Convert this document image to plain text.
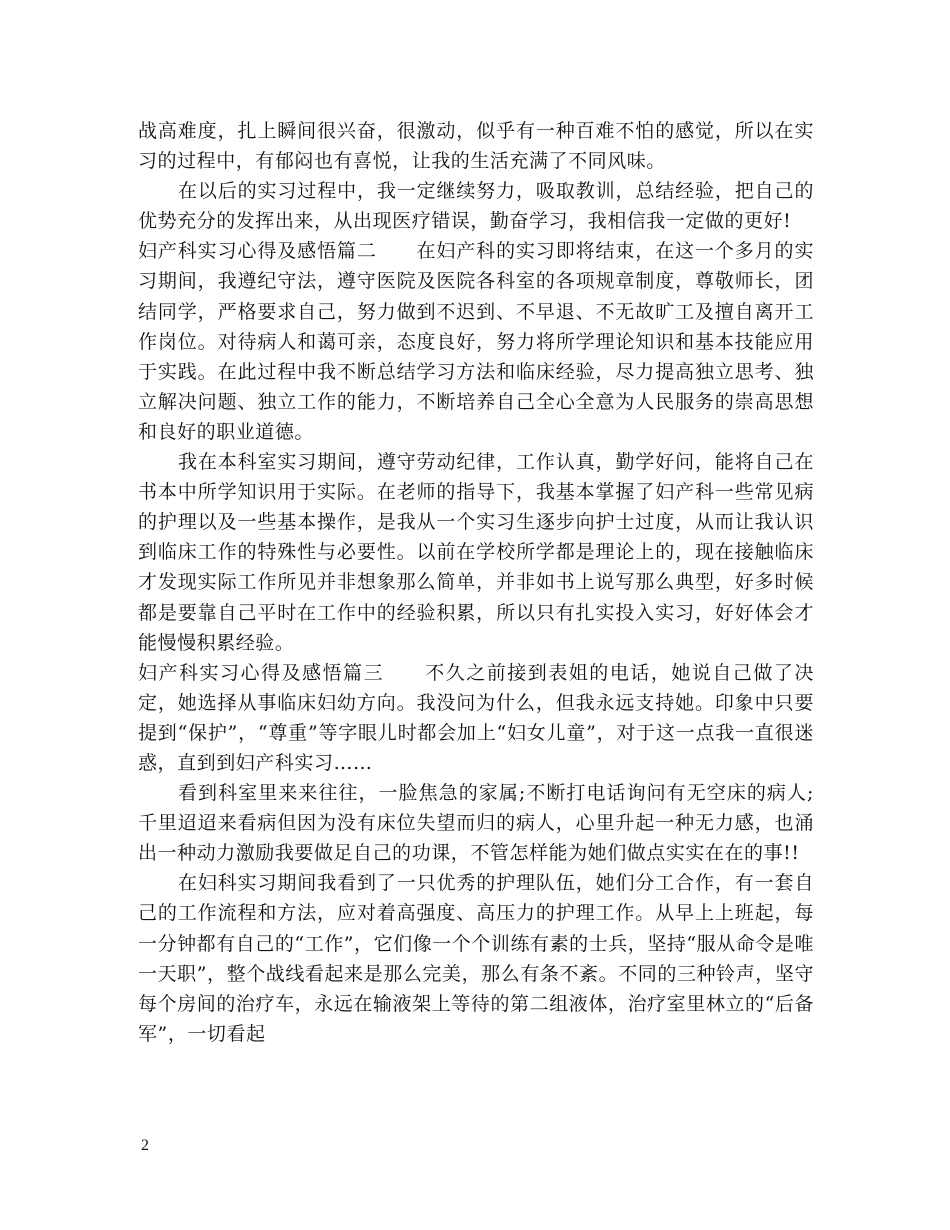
战高难度，扎上瞬间很兴奋，很激动，似乎有一种百难不怕的感觉，所以在实习的过程中，有郁闷也有喜悦，让我的生活充满了不同风味。

在以后的实习过程中，我一定继续努力，吸取教训，总结经验，把自己的优势充分的发挥出来，从出现医疗错误，勤奋学习，我相信我一定做的更好!

妇产科实习心得及感悟篇二　　在妇产科的实习即将结束，在这一个多月的实习期间，我遵纪守法，遵守医院及医院各科室的各项规章制度，尊敬师长，团结同学，严格要求自己，努力做到不迟到、不早退、不无故旷工及擅自离开工作岗位。对待病人和蔼可亲，态度良好，努力将所学理论知识和基本技能应用于实践。在此过程中我不断总结学习方法和临床经验，尽力提高独立思考、独立解决问题、独立工作的能力，不断培养自己全心全意为人民服务的崇高思想和良好的职业道德。

我在本科室实习期间，遵守劳动纪律，工作认真，勤学好问，能将自己在书本中所学知识用于实际。在老师的指导下，我基本掌握了妇产科一些常见病的护理以及一些基本操作，是我从一个实习生逐步向护士过度，从而让我认识到临床工作的特殊性与必要性。以前在学校所学都是理论上的，现在接触临床才发现实际工作所见并非想象那么简单，并非如书上说写那么典型，好多时候都是要靠自己平时在工作中的经验积累，所以只有扎实投入实习，好好体会才能慢慢积累经验。

妇产科实习心得及感悟篇三　　不久之前接到表姐的电话，她说自己做了决定，她选择从事临床妇幼方向。我没问为什么，但我永远支持她。印象中只要提到“保护”，“尊重”等字眼儿时都会加上“妇女儿童”，对于这一点我一直很迷惑，直到到妇产科实习……

看到科室里来来往往，一脸焦急的家属;不断打电话询问有无空床的病人;千里迢迢来看病但因为没有床位失望而归的病人，心里升起一种无力感，也涌出一种动力激励我要做足自己的功课，不管怎样能为她们做点实实在在的事!!

在妇科实习期间我看到了一只优秀的护理队伍，她们分工合作，有一套自己的工作流程和方法，应对着高强度、高压力的护理工作。从早上上班起，每一分钟都有自己的“工作”，它们像一个个训练有素的士兵，坚持“服从命令是唯一天职”，整个战线看起来是那么完美，那么有条不紊。不同的三种铃声，坚守每个房间的治疗车，永远在输液架上等待的第二组液体，治疗室里林立的“后备军”，一切看起

2
